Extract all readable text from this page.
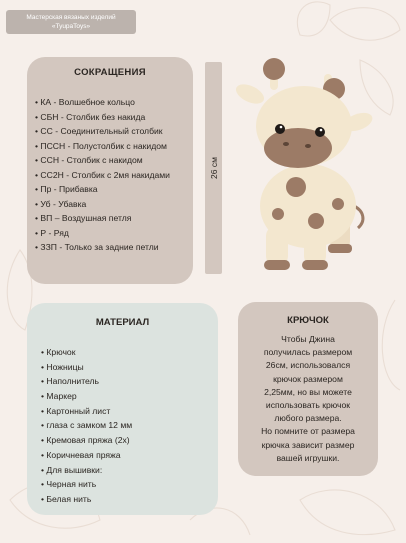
Мастерская вязаных изделий
«TyupaToys»
СОКРАЩЕНИЯ
• КА - Волшебное кольцо
• СБН - Столбик без накида
• СС - Соединительный столбик
• ПССН - Полустолбик с накидом
• ССН - Столбик с накидом
• СС2Н - Столбик с 2мя накидами
• Пр - Прибавка
• Уб - Убавка
• ВП – Воздушная петля
• Р - Ряд
• ЗЗП - Только за задние петли
26 см
МАТЕРИАЛ
• Крючок
• Ножницы
• Наполнитель
• Маркер
• Картонный лист
• глаза с замком 12 мм
• Кремовая пряжа (2х)
• Коричневая пряжа
• Для вышивки:
• Черная нить
• Белая нить
КРЮЧОК
Чтобы Джина
получилась размером
26см, использовался
крючок размером
2,25мм, но вы можете
использовать крючок
любого размера.
Но помните от размера
крючка зависит размер
вашей игрушки.
